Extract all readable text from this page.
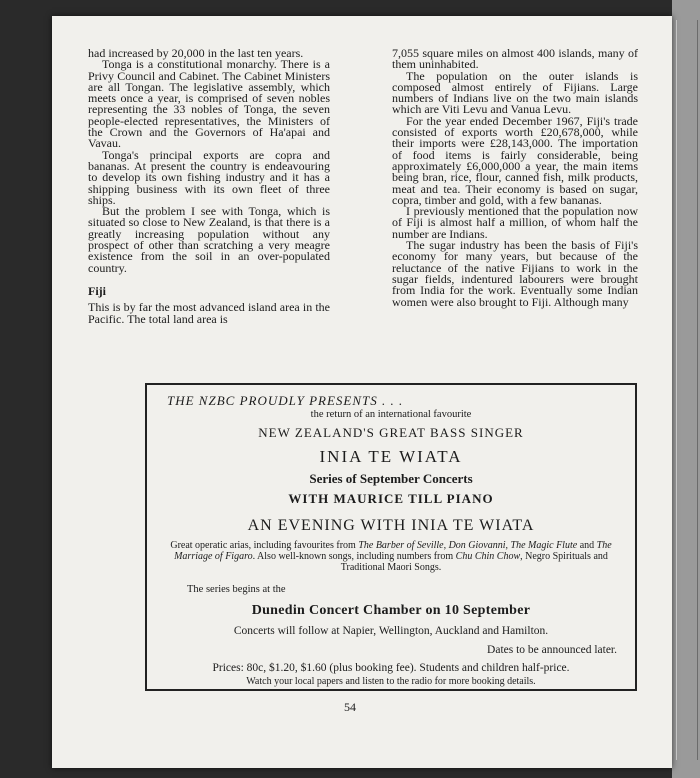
had increased by 20,000 in the last ten years.

Tonga is a constitutional monarchy. There is a Privy Council and Cabinet. The Cabinet Ministers are all Tongan. The legislative assembly, which meets once a year, is comprised of seven nobles representing the 33 nobles of Tonga, the seven people-elected representatives, the Ministers of the Crown and the Governors of Ha'apai and Vavau.

Tonga's principal exports are copra and bananas. At present the country is endeavouring to develop its own fishing industry and it has a shipping business with its own fleet of three ships.

But the problem I see with Tonga, which is situated so close to New Zealand, is that there is a greatly increasing population without any prospect of other than scratching a very meagre existence from the soil in an over-populated country.

Fiji

This is by far the most advanced island area in the Pacific. The total land area is

7,055 square miles on almost 400 islands, many of them uninhabited.

The population on the outer islands is composed almost entirely of Fijians. Large numbers of Indians live on the two main islands which are Viti Levu and Vanua Levu.

For the year ended December 1967, Fiji's trade consisted of exports worth £20,678,000, while their imports were £28,143,000. The importation of food items is fairly considerable, being approximately £6,000,000 a year, the main items being bran, rice, flour, canned fish, milk products, meat and tea. Their economy is based on sugar, copra, timber and gold, with a few bananas.

I previously mentioned that the population now of Fiji is almost half a million, of whom half the number are Indians.

The sugar industry has been the basis of Fiji's economy for many years, but because of the reluctance of the native Fijians to work in the sugar fields, indentured labourers were brought from India for the work. Eventually some Indian women were also brought to Fiji. Although many

THE NZBC PROUDLY PRESENTS . . .
the return of an international favourite
NEW ZEALAND'S GREAT BASS SINGER
INIA TE WIATA
Series of September Concerts
WITH MAURICE TILL PIANO
AN EVENING WITH INIA TE WIATA
Great operatic arias, including favourites from The Barber of Seville, Don Giovanni, The Magic Flute and The Marriage of Figaro. Also well-known songs, including numbers from Chu Chin Chow, Negro Spirituals and Traditional Maori Songs.
The series begins at the
Dunedin Concert Chamber on 10 September
Concerts will follow at Napier, Wellington, Auckland and Hamilton.
Dates to be announced later.
Prices: 80c, $1.20, $1.60 (plus booking fee). Students and children half-price.
Watch your local papers and listen to the radio for more booking details.
54
